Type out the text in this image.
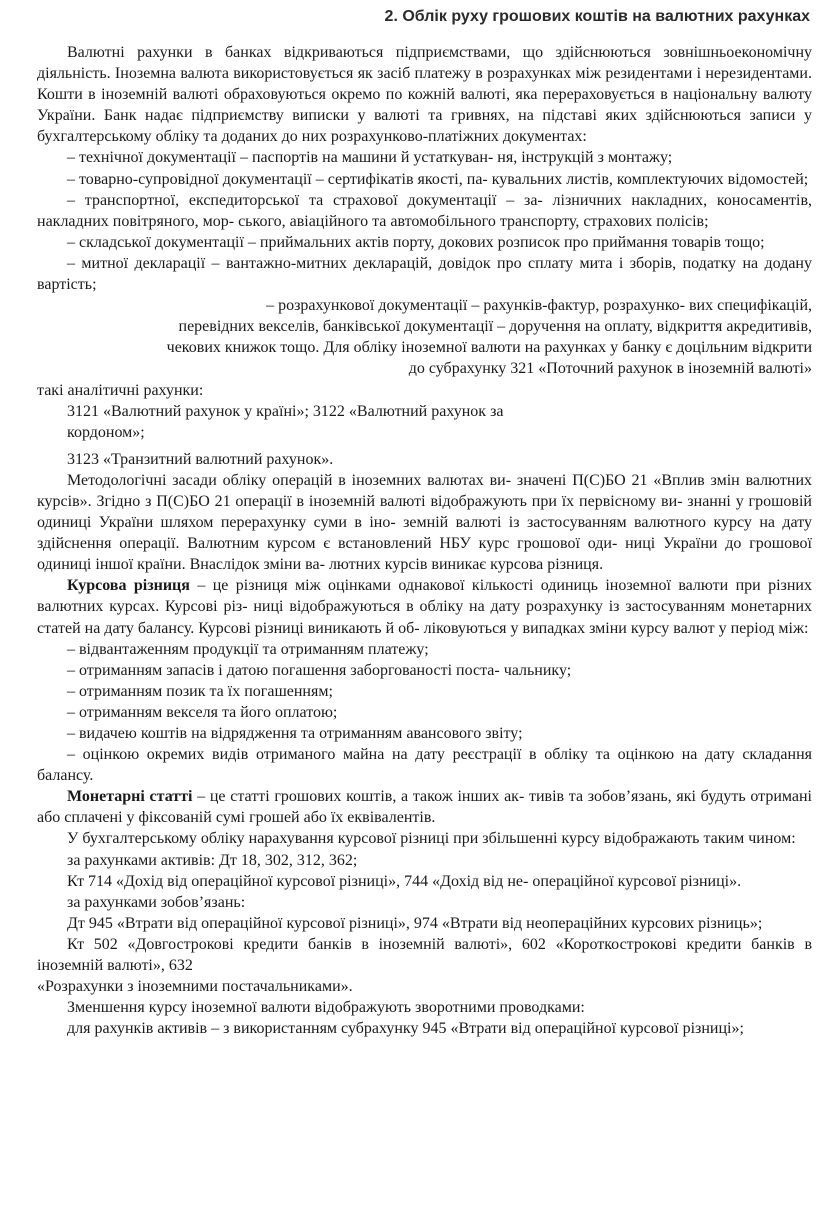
2. Облік руху грошових коштів на валютних рахунках

Валютні рахунки в банках відкриваються підприємствами, що здійснюються зовнішньоекономічну діяльність. Іноземна валюта використовується як засіб платежу в розрахунках між резидентами і нерезидентами. Кошти в іноземній валюті обраховуються окремо по кожній валюті, яка перераховується в національну валюту України. Банк надає підприємству виписки у валюті та гривнях, на підставі яких здійснюються записи у бухгалтерському обліку та доданих до них розрахунково-платіжних документах:

– технічної документації – паспортів на машини й устаткуван- ня, інструкцій з монтажу;

– товарно-супровідної документації – сертифікатів якості, па- кувальних листів, комплектуючих відомостей;

– транспортної, експедиторської та страхової документації – за- лізничних накладних, коносаментів, накладних повітряного, мор- ського, авіаційного та автомобільного транспорту, страхових полісів;

– складської документації – приймальних актів порту, докових розписок про приймання товарів тощо;

– митної декларації – вантажно-митних декларацій, довідок про сплату мита і зборів, податку на додану вартість;

– розрахункової документації – рахунків-фактур, розрахунко- вих специфікацій,

перевідних векселів, банківської документації – доручення на оплату, відкриття акредитивів,

чекових книжок тощо. Для обліку іноземної валюти на рахунках у банку є доцільним відкрити

до субрахунку 321 «Поточний рахунок в іноземній валюті»

такі аналітичні рахунки:

3121 «Валютний рахунок у країні»; 3122 «Валютний рахунок за

кордоном»;

3123 «Транзитний валютний рахунок».

Методологічні засади обліку операцій в іноземних валютах ви- значені П(С)БО 21 «Вплив змін валютних курсів». Згідно з П(С)БО 21 операції в іноземній валюті відображують при їх первісному ви- знанні у грошовій одиниці України шляхом перерахунку суми в іно- земній валюті із застосуванням валютного курсу на дату здійснення операції. Валютним курсом є встановлений НБУ курс грошової оди- ниці України до грошової одиниці іншої країни. Внаслідок зміни ва- лютних курсів виникає курсова різниця.

Курсова різниця – це різниця між оцінками однакової кількості одиниць іноземної валюти при різних валютних курсах. Курсові різ- ниці відображуються в обліку на дату розрахунку із застосуванням монетарних статей на дату балансу. Курсові різниці виникають й об- ліковуються у випадках зміни курсу валют у період між:

– відвантаженням продукції та отриманням платежу;

– отриманням запасів і датою погашення заборгованості поста- чальнику;

– отриманням позик та їх погашенням;

– отриманням векселя та його оплатою;

– видачею коштів на відрядження та отриманням авансового звіту;

– оцінкою окремих видів отриманого майна на дату реєстрації в обліку та оцінкою на дату складання балансу.

Монетарні статті – це статті грошових коштів, а також інших ак- тивів та зобов’язань, які будуть отримані або сплачені у фіксованій сумі грошей або їх еквівалентів.

У бухгалтерському обліку нарахування курсової різниці при збільшенні курсу відображають таким чином:

за рахунками активів: Дт 18, 302, 312, 362;

Кт 714 «Дохід від операційної курсової різниці», 744 «Дохід від не- операційної курсової різниці».

за рахунками зобов’язань:

Дт 945 «Втрати від операційної курсової різниці», 974 «Втрати від неопераційних курсових різниць»;

Кт 502 «Довгострокові кредити банків в іноземній валюті», 602 «Короткострокові кредити банків в іноземній валюті», 632

«Розрахунки з іноземними постачальниками».

Зменшення курсу іноземної валюти відображують зворотними проводками:

для рахунків активів – з використанням субрахунку 945 «Втрати від операційної курсової різниці»;
